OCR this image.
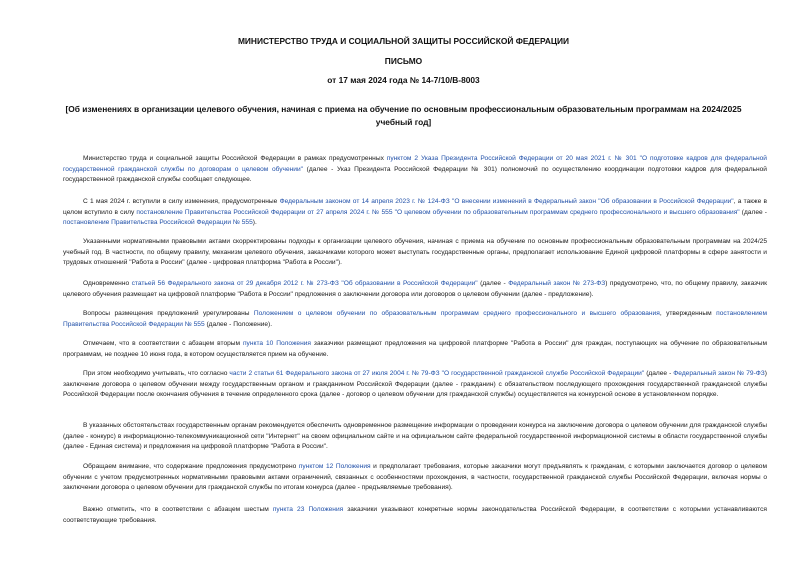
МИНИСТЕРСТВО ТРУДА И СОЦИАЛЬНОЙ ЗАЩИТЫ РОССИЙСКОЙ ФЕДЕРАЦИИ
ПИСЬМО
от 17 мая 2024 года № 14-7/10/В-8003
[Об изменениях в организации целевого обучения, начиная с приема на обучение по основным профессиональным образовательным программам на 2024/2025
учебный год]

Министерство труда и социальной защиты Российской Федерации в рамках предусмотренных пунктом 2 Указа Президента Российской Федерации от 20 мая 2021 г. № 301 "О подготовке кадров для федеральной государственной гражданской службы по договорам о целевом обучении" (далее - Указ Президента Российской Федерации № 301) полномочий по осуществлению координации подготовки кадров для федеральной государственной гражданской службы сообщает следующее.

С 1 мая 2024 г. вступили в силу изменения, предусмотренные Федеральным законом от 14 апреля 2023 г. № 124-ФЗ "О внесении изменений в Федеральный закон "Об образовании в Российской Федерации", а также в целом вступило в силу постановление Правительства Российской Федерации от 27 апреля 2024 г. № 555 "О целевом обучении по образовательным программам среднего профессионального и высшего образования" (далее - постановление Правительства Российской Федерации № 555).

Указанными нормативными правовыми актами скорректированы подходы к организации целевого обучения, начиная с приема на обучение по основным профессиональным образовательным программам на 2024/25 учебный год. В частности, по общему правилу, механизм целевого обучения, заказчиками которого может выступать государственные органы, предполагает использование Единой цифровой платформы в сфере занятости и трудовых отношений "Работа в России" (далее - цифровая платформа "Работа в России").

Одновременно статьей 56 Федерального закона от 29 декабря 2012 г. № 273-ФЗ "Об образовании в Российской Федерации" (далее - Федеральный закон № 273-ФЗ) предусмотрено, что, по общему правилу, заказчик целевого обучения размещает на цифровой платформе "Работа в России" предложения о заключении договора или договоров о целевом обучении (далее - предложение).

Вопросы размещения предложений урегулированы Положением о целевом обучении по образовательным программам среднего профессионального и высшего образования, утвержденным постановлением Правительства Российской Федерации № 555 (далее - Положение).

Отмечаем, что в соответствии с абзацем вторым пункта 10 Положения заказчики размещают предложения на цифровой платформе "Работа в России" для граждан, поступающих на обучение по образовательным программам, не позднее 10 июня года, в котором осуществляется прием на обучение.

При этом необходимо учитывать, что согласно части 2 статьи 61 Федерального закона от 27 июля 2004 г. № 79-ФЗ "О государственной гражданской службе Российской Федерации" (далее - Федеральный закон № 79-ФЗ) заключение договора о целевом обучении между государственным органом и гражданином Российской Федерации (далее - гражданин) с обязательством последующего прохождения государственной гражданской службы Российской Федерации после окончания обучения в течение определенного срока (далее - договор о целевом обучении для гражданской службы) осуществляется на конкурсной основе в установленном порядке.

В указанных обстоятельствах государственным органам рекомендуется обеспечить одновременное размещение информации о проведении конкурса на заключение договора о целевом обучении для гражданской службы (далее - конкурс) в информационно-телекоммуникационной сети "Интернет" на своем официальном сайте и на официальном сайте федеральной государственной информационной системы в области государственной службы (далее - Единая система) и предложения на цифровой платформе "Работа в России".

Обращаем внимание, что содержание предложения предусмотрено пунктом 12 Положения и предполагает требования, которые заказчики могут предъявлять к гражданам, с которыми заключается договор о целевом обучении с учетом предусмотренных нормативными правовыми актами ограничений, связанных с особенностями прохождения, в частности, государственной гражданской службы Российской Федерации, включая нормы о заключении договора о целевом обучении для гражданской службы по итогам конкурса (далее - предъявляемые требования).

Важно отметить, что в соответствии с абзацем шестым пункта 23 Положения заказчики указывают конкретные нормы законодательства Российской Федерации, в соответствии с которыми устанавливаются соответствующие требования.
